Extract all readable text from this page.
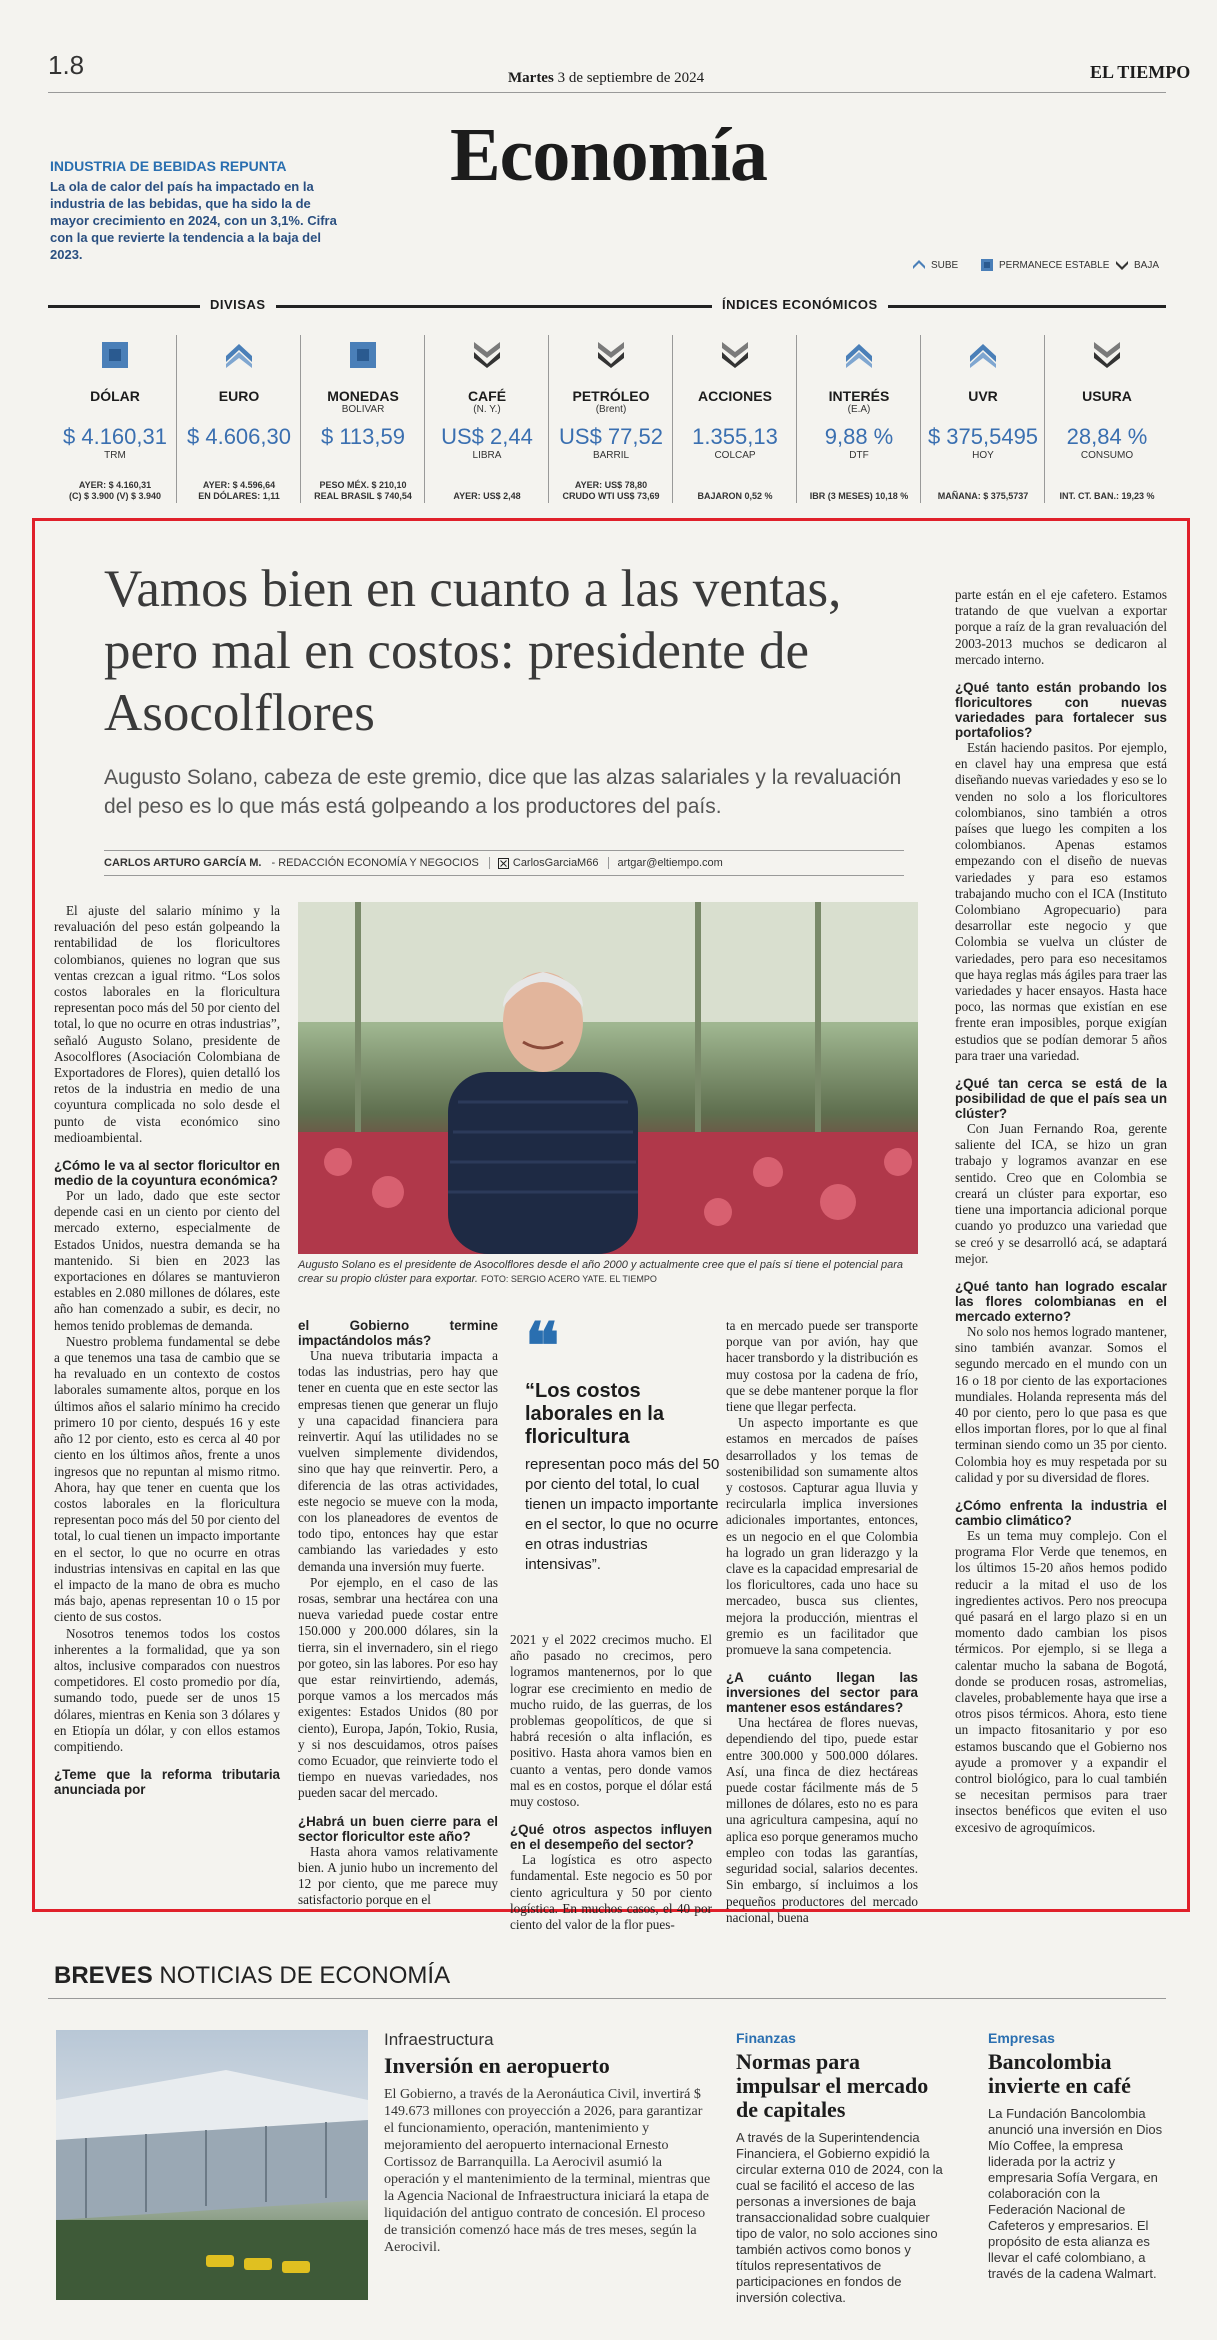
1.8	Martes 3 de septiembre de 2024	EL TIEMPO
Economía
INDUSTRIA DE BEBIDAS REPUNTA
La ola de calor del país ha impactado en la industria de las bebidas, que ha sido la de mayor crecimiento en 2024, con un 3,1%. Cifra con la que revierte la tendencia a la baja del 2023.
SUBE	PERMANECE ESTABLE BAJA
DIVISAS	ÍNDICES ECONÓMICOS
DÓLAR
$ 4.160,31
TRM
AYER: $ 4.160,31
(C) $ 3.900 (V) $ 3.940
EURO
$ 4.606,30
AYER: $ 4.596,64
EN DÓLARES: 1,11
MONEDAS
BOLIVAR
$ 113,59
PESO MÉX. $ 210,10
REAL BRASIL $ 740,54
CAFÉ
(N. Y.)
US$ 2,44
LIBRA
AYER: US$ 2,48
PETRÓLEO
(Brent)
US$ 77,52
BARRIL
AYER: US$ 78,80
CRUDO WTI US$ 73,69
ACCIONES
1.355,13
COLCAP
BAJARON 0,52 %
INTERÉS
(E.A)
9,88 %
DTF
IBR (3 MESES) 10,18 %
UVR
$ 375,5495
HOY
MAÑANA: $ 375,5737
USURA
28,84 %
CONSUMO
INT. CT. BAN.: 19,23 %
Vamos bien en cuanto a las ventas, pero mal en costos: presidente de Asocolflores
Augusto Solano, cabeza de este gremio, dice que las alzas salariales y la revaluación del peso es lo que más está golpeando a los productores del país.
CARLOS ARTURO GARCÍA M. - REDACCIÓN ECONOMÍA Y NEGOCIOS	CarlosGarciaM66	artgar@eltiempo.com
Augusto Solano es el presidente de Asocolflores desde el año 2000 y actualmente cree que el país sí tiene el potencial para crear su propio clúster para exportar. FOTO: SERGIO ACERO YATE. EL TIEMPO
❝
“Los costos laborales en la floricultura
representan poco más del 50 por ciento del total, lo cual tienen un impacto importante en el sector, lo que no ocurre en otras industrias intensivas”.

El ajuste del salario mínimo y la revaluación del peso están golpeando la rentabilidad de los floricultores colombianos, quienes no logran que sus ventas crezcan a igual ritmo. “Los solos costos laborales en la floricultura representan poco más del 50 por ciento del total, lo que no ocurre en otras industrias”, señaló Augusto Solano, presidente de Asocolflores (Asociación Colombiana de Exportadores de Flores), quien detalló los retos de la industria en medio de una coyuntura complicada no solo desde el punto de vista económico sino medioambiental.

¿Cómo le va al sector floricultor en medio de la coyuntura económica?

Por un lado, dado que este sector depende casi en un ciento por ciento del mercado externo, especialmente de Estados Unidos, nuestra demanda se ha mantenido. Si bien en 2023 las exportaciones en dólares se mantuvieron estables en 2.080 millones de dólares, este año han comenzado a subir, es decir, no hemos tenido problemas de demanda.

Nuestro problema fundamental se debe a que tenemos una tasa de cambio que se ha revaluado en un contexto de costos laborales sumamente altos, porque en los últimos años el salario mínimo ha crecido primero 10 por ciento, después 16 y este año 12 por ciento, esto es cerca al 40 por ciento en los últimos años, frente a unos ingresos que no repuntan al mismo ritmo. Ahora, hay que tener en cuenta que los costos laborales en la floricultura representan poco más del 50 por ciento del total, lo cual tienen un impacto importante en el sector, lo que no ocurre en otras industrias intensivas en capital en las que el impacto de la mano de obra es mucho más bajo, apenas representan 10 o 15 por ciento de sus costos.

Nosotros tenemos todos los costos inherentes a la formalidad, que ya son altos, inclusive comparados con nuestros competidores. El costo promedio por día, sumando todo, puede ser de unos 15 dólares, mientras en Kenia son 3 dólares y en Etiopía un dólar, y con ellos estamos compitiendo.

¿Teme que la reforma tributaria anunciada por
el Gobierno termine impactándolos más?

Una nueva tributaria impacta a todas las industrias, pero hay que tener en cuenta que en este sector las empresas tienen que generar un flujo y una capacidad financiera para reinvertir. Aquí las utilidades no se vuelven simplemente dividendos, sino que hay que reinvertir. Pero, a diferencia de las otras actividades, este negocio se mueve con la moda, con los planeadores de eventos de todo tipo, entonces hay que estar cambiando las variedades y esto demanda una inversión muy fuerte.

Por ejemplo, en el caso de las rosas, sembrar una hectárea con una nueva variedad puede costar entre 150.000 y 200.000 dólares, sin la tierra, sin el invernadero, sin el riego por goteo, sin las labores. Por eso hay que estar reinvirtiendo, además, porque vamos a los mercados más exigentes: Estados Unidos (80 por ciento), Europa, Japón, Tokio, Rusia, y si nos descuidamos, otros países como Ecuador, que reinvierte todo el tiempo en nuevas variedades, nos pueden sacar del mercado.

¿Habrá un buen cierre para el sector floricultor este año?

Hasta ahora vamos relativamente bien. A junio hubo un incremento del 12 por ciento, que me parece muy satisfactorio porque en el

2021 y el 2022 crecimos mucho. El año pasado no crecimos, pero logramos mantenernos, por lo que lograr ese crecimiento en medio de mucho ruido, de las guerras, de los problemas geopolíticos, de que si habrá recesión o alta inflación, es positivo. Hasta ahora vamos bien en cuanto a ventas, pero donde vamos mal es en costos, porque el dólar está muy costoso.

¿Qué otros aspectos influyen en el desempeño del sector?

La logística es otro aspecto fundamental. Este negocio es 50 por ciento agricultura y 50 por ciento logística. En muchos casos, el 40 por ciento del valor de la flor pues-

ta en mercado puede ser transporte porque van por avión, hay que hacer transbordo y la distribución es muy costosa por la cadena de frío, que se debe mantener porque la flor tiene que llegar perfecta.

Un aspecto importante es que estamos en mercados de países desarrollados y los temas de sostenibilidad son sumamente altos y costosos. Capturar agua lluvia y recircularla implica inversiones adicionales importantes, entonces, es un negocio en el que Colombia ha logrado un gran liderazgo y la clave es la capacidad empresarial de los floricultores, cada uno hace su mercadeo, busca sus clientes, mejora la producción, mientras el gremio es un facilitador que promueve la sana competencia.

¿A cuánto llegan las inversiones del sector para mantener esos estándares?

Una hectárea de flores nuevas, dependiendo del tipo, puede estar entre 300.000 y 500.000 dólares. Así, una finca de diez hectáreas puede costar fácilmente más de 5 millones de dólares, esto no es para una agricultura campesina, aquí no aplica eso porque generamos mucho empleo con todas las garantías, seguridad social, salarios decentes. Sin embargo, sí incluimos a los pequeños productores del mercado nacional, buena

parte están en el eje cafetero. Estamos tratando de que vuelvan a exportar porque a raíz de la gran revaluación del 2003-2013 muchos se dedicaron al mercado interno.

¿Qué tanto están probando los floricultores con nuevas variedades para fortalecer sus portafolios?

Están haciendo pasitos. Por ejemplo, en clavel hay una empresa que está diseñando nuevas variedades y eso se lo venden no solo a los floricultores colombianos, sino también a otros países que luego les compiten a los colombianos. Apenas estamos empezando con el diseño de nuevas variedades y para eso estamos trabajando mucho con el ICA (Instituto Colombiano Agropecuario) para desarrollar este negocio y que Colombia se vuelva un clúster de variedades, pero para eso necesitamos que haya reglas más ágiles para traer las variedades y hacer ensayos. Hasta hace poco, las normas que existían en ese frente eran imposibles, porque exigían estudios que se podían demorar 5 años para traer una variedad.

¿Qué tan cerca se está de la posibilidad de que el país sea un clúster?

Con Juan Fernando Roa, gerente saliente del ICA, se hizo un gran trabajo y logramos avanzar en ese sentido. Creo que en Colombia se creará un clúster para exportar, eso tiene una importancia adicional porque cuando yo produzco una variedad que se creó y se desarrolló acá, se adaptará mejor.

¿Qué tanto han logrado escalar las flores colombianas en el mercado externo?

No solo nos hemos logrado mantener, sino también avanzar. Somos el segundo mercado en el mundo con un 16 o 18 por ciento de las exportaciones mundiales. Holanda representa más del 40 por ciento, pero lo que pasa es que ellos importan flores, por lo que al final terminan siendo como un 35 por ciento. Colombia hoy es muy respetada por su calidad y por su diversidad de flores.

¿Cómo enfrenta la industria el cambio climático?

Es un tema muy complejo. Con el programa Flor Verde que tenemos, en los últimos 15-20 años hemos podido reducir a la mitad el uso de los ingredientes activos. Pero nos preocupa qué pasará en el largo plazo si en un momento dado cambian los pisos térmicos. Por ejemplo, si se llega a calentar mucho la sabana de Bogotá, donde se producen rosas, astromelias, claveles, probablemente haya que irse a otros pisos térmicos. Ahora, esto tiene un impacto fitosanitario y por eso estamos buscando que el Gobierno nos ayude a promover y a expandir el control biológico, para lo cual también se necesitan permisos para traer insectos benéficos que eviten el uso excesivo de agroquímicos.

BREVES NOTICIAS DE ECONOMÍA
Infraestructura
Inversión en aeropuerto
El Gobierno, a través de la Aeronáutica Civil, invertirá $ 149.673 millones con proyección a 2026, para garantizar el funcionamiento, operación, mantenimiento y mejoramiento del aeropuerto internacional Ernesto Cortissoz de Barranquilla. La Aerocivil asumió la operación y el mantenimiento de la terminal, mientras que la Agencia Nacional de Infraestructura iniciará la etapa de liquidación del antiguo contrato de concesión. El proceso de transición comenzó hace más de tres meses, según la Aerocivil.
Finanzas
Normas para impulsar el mercado de capitales
A través de la Superintendencia Financiera, el Gobierno expidió la circular externa 010 de 2024, con la cual se facilitó el acceso de las personas a inversiones de baja transaccionalidad sobre cualquier tipo de valor, no solo acciones sino también activos como bonos y títulos representativos de participaciones en fondos de inversión colectiva.
Empresas
Bancolombia invierte en café
La Fundación Bancolombia anunció una inversión en Dios Mío Coffee, la empresa liderada por la actriz y empresaria Sofía Vergara, en colaboración con la Federación Nacional de Cafeteros y empresarios. El propósito de esta alianza es llevar el café colombiano, a través de la cadena Walmart.
